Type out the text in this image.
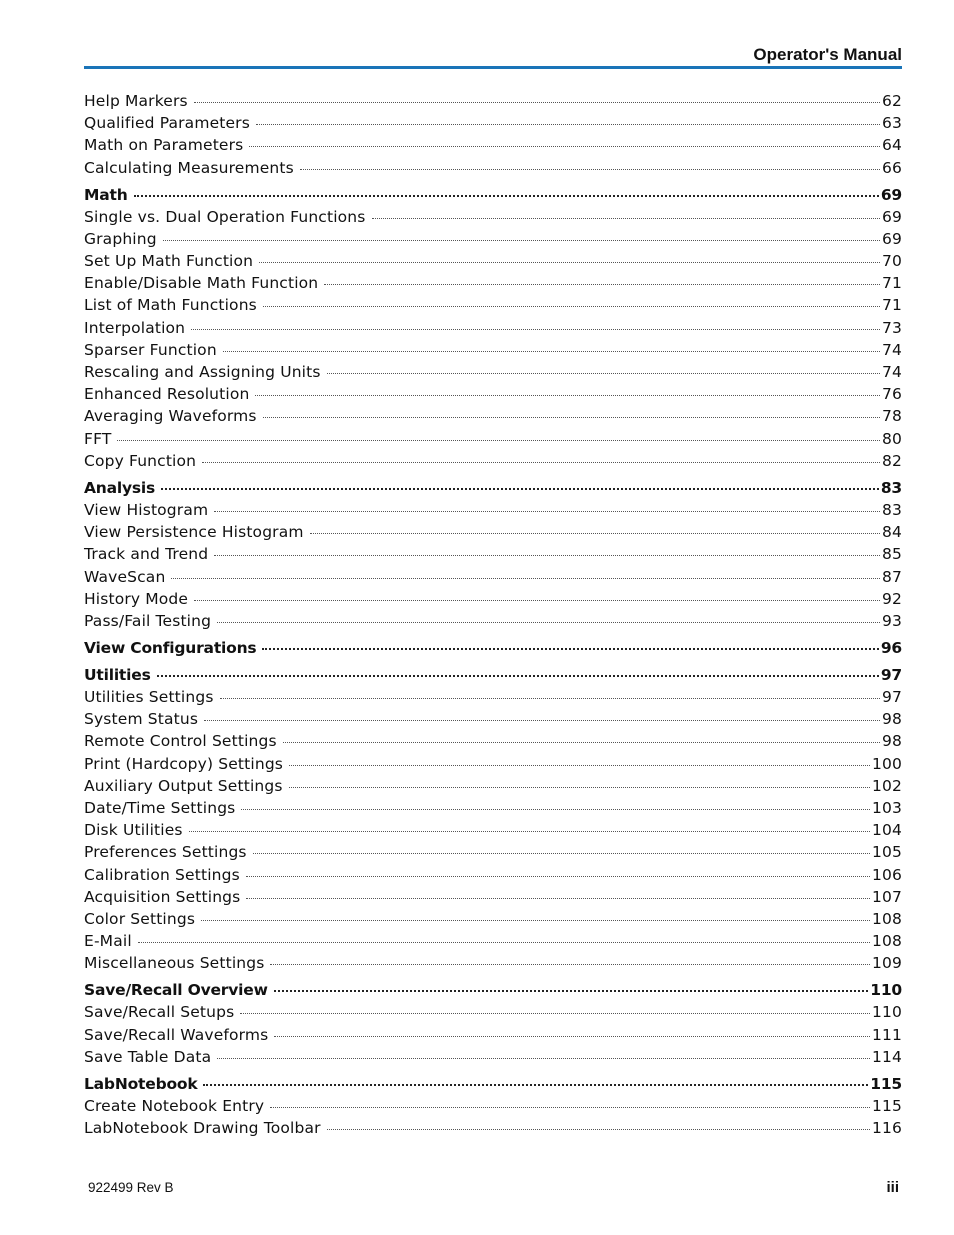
Operator's Manual
Help Markers	62
Qualified Parameters	63
Math on Parameters	64
Calculating Measurements	66
Math	69
Single vs. Dual Operation Functions	69
Graphing	69
Set Up Math Function	70
Enable/Disable Math Function	71
List of Math Functions	71
Interpolation	73
Sparser Function	74
Rescaling and Assigning Units	74
Enhanced Resolution	76
Averaging Waveforms	78
FFT	80
Copy Function	82
Analysis	83
View Histogram	83
View Persistence Histogram	84
Track and Trend	85
WaveScan	87
History Mode	92
Pass/Fail Testing	93
View Configurations	96
Utilities	97
Utilities Settings	97
System Status	98
Remote Control Settings	98
Print (Hardcopy) Settings	100
Auxiliary Output Settings	102
Date/Time Settings	103
Disk Utilities	104
Preferences Settings	105
Calibration Settings	106
Acquisition Settings	107
Color Settings	108
E-Mail	108
Miscellaneous Settings	109
Save/Recall Overview	110
Save/Recall Setups	110
Save/Recall Waveforms	111
Save Table Data	114
LabNotebook	115
Create Notebook Entry	115
LabNotebook Drawing Toolbar	116
922499 Rev B	iii
